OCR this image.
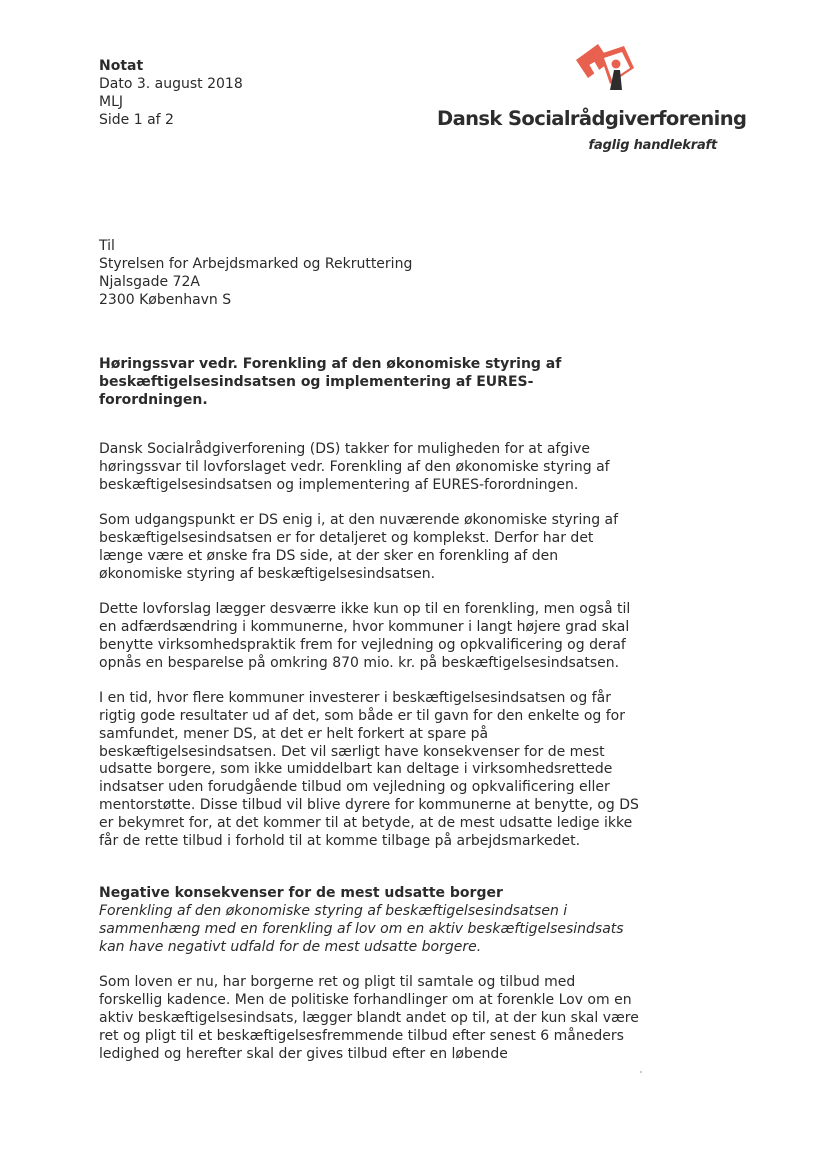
Notat
Dato 3. august 2018
MLJ
Side 1 af 2	Dansk Socialrådgiverforening
faglig handlekraft
Til
Styrelsen for Arbejdsmarked og Rekruttering
Njalsgade 72A
2300 København S
Høringssvar vedr. Forenkling af den økonomiske styring af beskæftigelsesindsatsen og implementering af EURES-forordningen.

Dansk Socialrådgiverforening (DS) takker for muligheden for at afgive høringssvar til lovforslaget vedr. Forenkling af den økonomiske styring af beskæftigelsesindsatsen og implementering af EURES-forordningen.

Som udgangspunkt er DS enig i, at den nuværende økonomiske styring af beskæftigelsesindsatsen er for detaljeret og komplekst. Derfor har det længe være et ønske fra DS side, at der sker en forenkling af den økonomiske styring af beskæftigelsesindsatsen.

Dette lovforslag lægger desværre ikke kun op til en forenkling, men også til en adfærdsændring i kommunerne, hvor kommuner i langt højere grad skal benytte virksomhedspraktik frem for vejledning og opkvalificering og deraf opnås en besparelse på omkring 870 mio. kr. på beskæftigelsesindsatsen.

I en tid, hvor flere kommuner investerer i beskæftigelsesindsatsen og får rigtig gode resultater ud af det, som både er til gavn for den enkelte og for samfundet, mener DS, at det er helt forkert at spare på beskæftigelsesindsatsen. Det vil særligt have konsekvenser for de mest udsatte borgere, som ikke umiddelbart kan deltage i virksomhedsrettede indsatser uden forudgående tilbud om vejledning og opkvalificering eller mentorstøtte. Disse tilbud vil blive dyrere for kommunerne at benytte, og DS er bekymret for, at det kommer til at betyde, at de mest udsatte ledige ikke får de rette tilbud i forhold til at komme tilbage på arbejdsmarkedet.

Negative konsekvenser for de mest udsatte borger

Forenkling af den økonomiske styring af beskæftigelsesindsatsen i sammenhæng med en forenkling af lov om en aktiv beskæftigelsesindsats kan have negativt udfald for de mest udsatte borgere.

Som loven er nu, har borgerne ret og pligt til samtale og tilbud med forskellig kadence. Men de politiske forhandlinger om at forenkle Lov om en aktiv beskæftigelsesindsats, lægger blandt andet op til, at der kun skal være ret og pligt til et beskæftigelsesfremmende tilbud efter senest 6 måneders ledighed og herefter skal der gives tilbud efter en løbende
